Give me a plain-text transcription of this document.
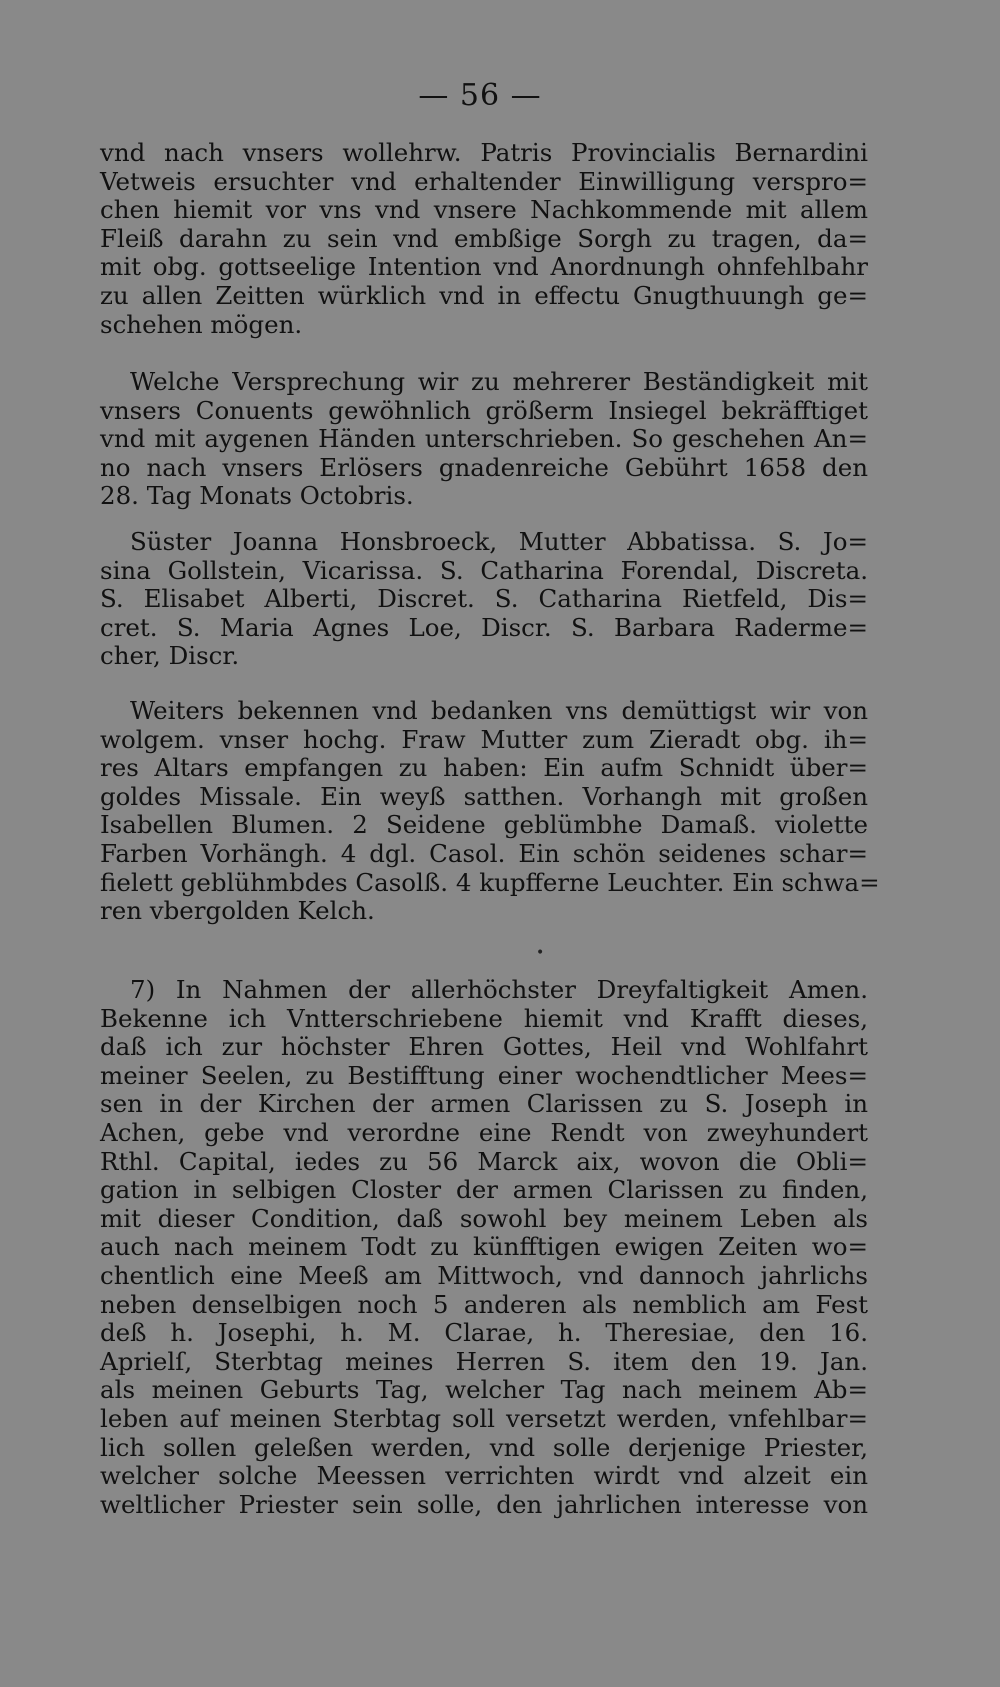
— 56 —
vnd nach vnsers wollehrw. Patris Provincialis Bernardini
Vetweis ersuchter vnd erhaltender Einwilligung verspro=
chen hiemit vor vns vnd vnsere Nachkommende mit allem
Fleiß darahn zu sein vnd embßige Sorgh zu tragen, da=
mit obg. gottseelige Intention vnd Anordnungh ohnfehlbahr
zu allen Zeitten würklich vnd in effectu Gnugthuungh ge=
schehen mögen.
Welche Versprechung wir zu mehrerer Beständigkeit mit
vnsers Conuents gewöhnlich größerm Insiegel bekräfftiget
vnd mit aygenen Händen unterschrieben. So geschehen An=
no nach vnsers Erlösers gnadenreiche Gebührt 1658 den
28. Tag Monats Octobris.
Süster Joanna Honsbroeck, Mutter Abbatissa. S. Jo=
sina Gollstein, Vicarissa. S. Catharina Forendal, Discreta.
S. Elisabet Alberti, Discret. S. Catharina Rietfeld, Dis=
cret. S. Maria Agnes Loe, Discr. S. Barbara Raderme=
cher, Discr.
Weiters bekennen vnd bedanken vns demüttigst wir von
wolgem. vnser hochg. Fraw Mutter zum Zieradt obg. ih=
res Altars empfangen zu haben: Ein aufm Schnidt über=
goldes Missale. Ein weyß satthen. Vorhangh mit großen
Isabellen Blumen. 2 Seidene geblümbhe Damaß. violette
Farben Vorhängh. 4 dgl. Casol. Ein schön seidenes schar=
fielett geblühmbdes Casolß. 4 kupfferne Leuchter. Ein schwa=
ren vbergolden Kelch.
•
7) In Nahmen der allerhöchster Dreyfaltigkeit Amen.
Bekenne ich Vntterschriebene hiemit vnd Krafft dieses,
daß ich zur höchster Ehren Gottes, Heil vnd Wohlfahrt
meiner Seelen, zu Bestifftung einer wochendtlicher Mees=
sen in der Kirchen der armen Clarissen zu S. Joseph in
Achen, gebe vnd verordne eine Rendt von zweyhundert
Rthl. Capital, iedes zu 56 Marck aix, wovon die Obli=
gation in selbigen Closter der armen Clarissen zu finden,
mit dieser Condition, daß sowohl bey meinem Leben als
auch nach meinem Todt zu künfftigen ewigen Zeiten wo=
chentlich eine Meeß am Mittwoch, vnd dannoch jahrlichs
neben denselbigen noch 5 anderen als nemblich am Fest
deß h. Josephi, h. M. Clarae, h. Theresiae, den 16.
Aprielſ, Sterbtag meines Herren S. item den 19. Jan.
als meinen Geburts Tag, welcher Tag nach meinem Ab=
leben auf meinen Sterbtag soll versetzt werden, vnfehlbar=
lich sollen geleßen werden, vnd solle derjenige Priester,
welcher solche Meessen verrichten wirdt vnd alzeit ein
weltlicher Priester sein solle, den jahrlichen interesse von
